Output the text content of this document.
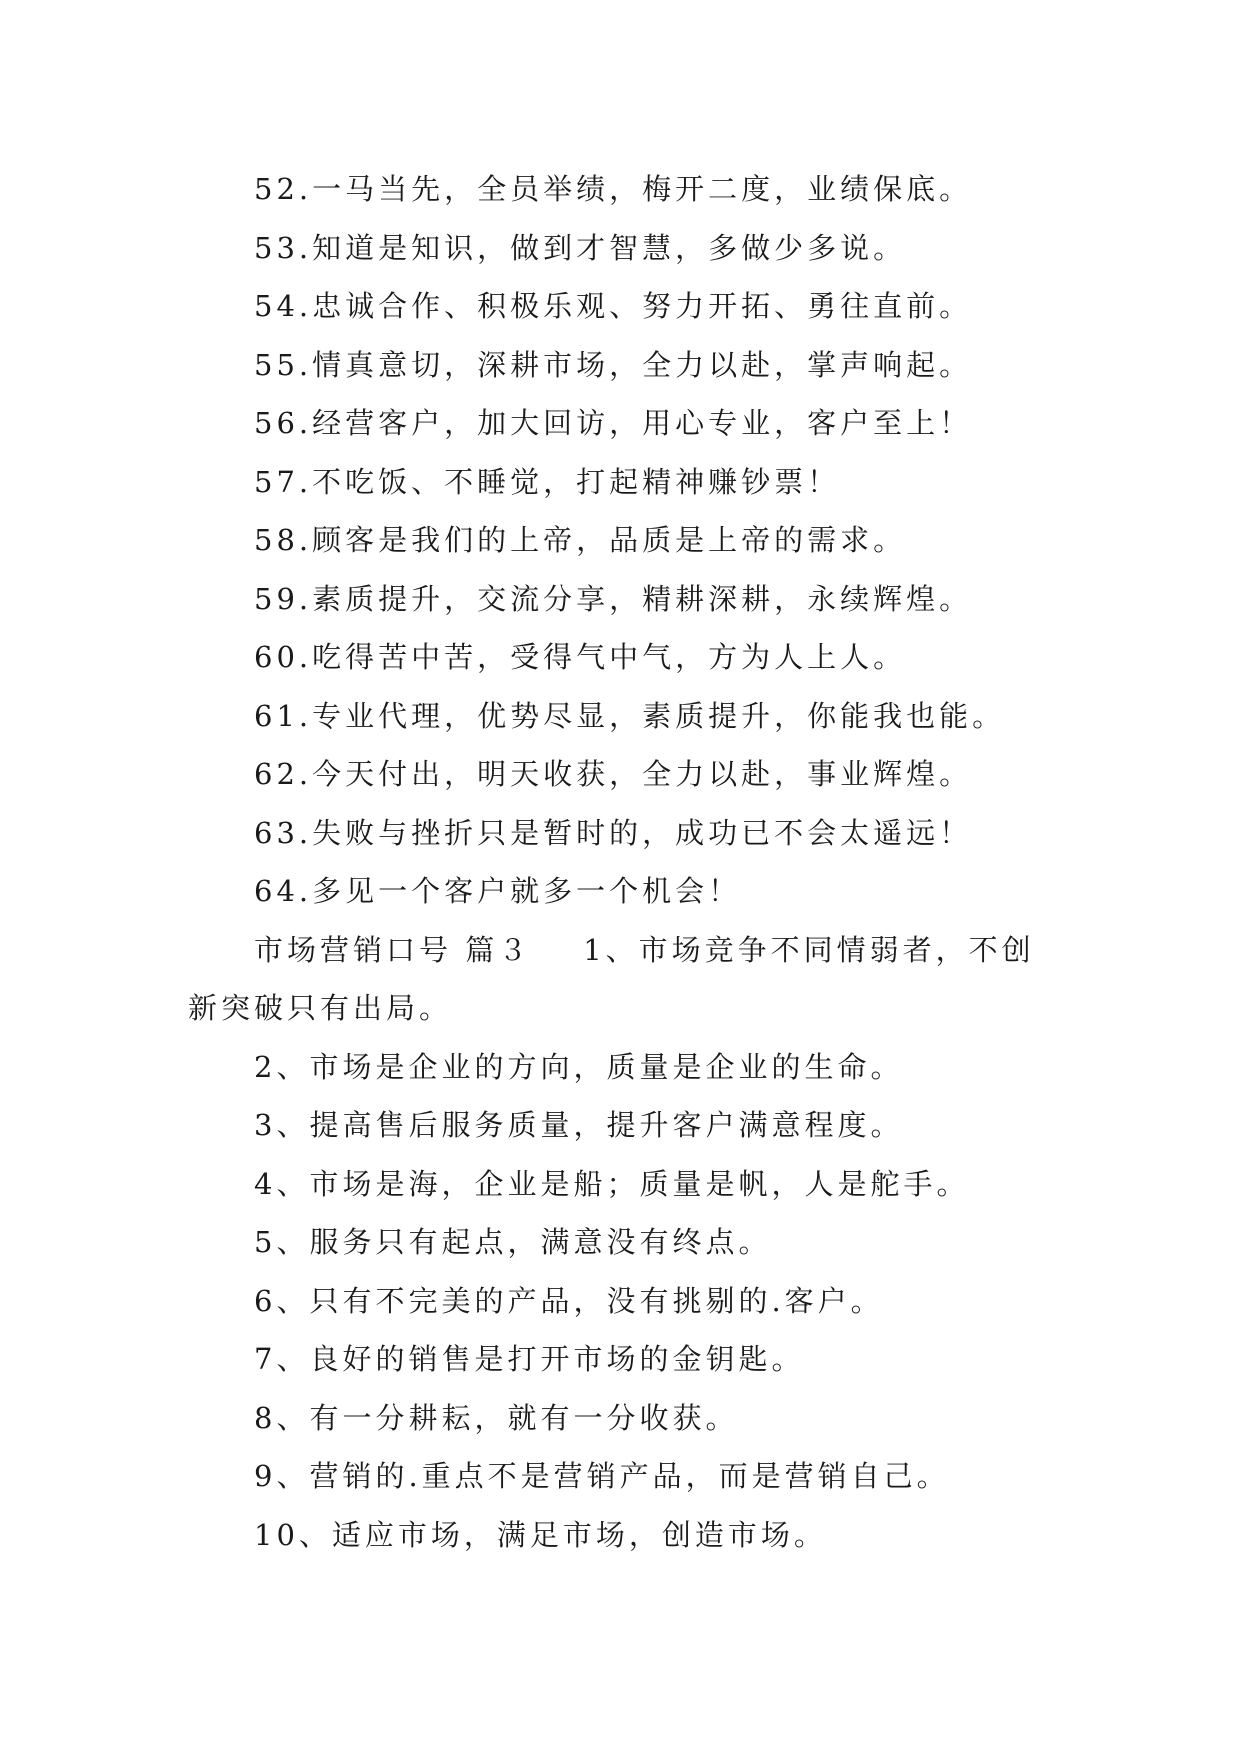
52.一马当先，全员举绩，梅开二度，业绩保底。
53.知道是知识，做到才智慧，多做少多说。
54.忠诚合作、积极乐观、努力开拓、勇往直前。
55.情真意切，深耕市场，全力以赴，掌声响起。
56.经营客户，加大回访，用心专业，客户至上！
57.不吃饭、不睡觉，打起精神赚钞票！
58.顾客是我们的上帝，品质是上帝的需求。
59.素质提升，交流分享，精耕深耕，永续辉煌。
60.吃得苦中苦，受得气中气，方为人上人。
61.专业代理，优势尽显，素质提升，你能我也能。
62.今天付出，明天收获，全力以赴，事业辉煌。
63.失败与挫折只是暂时的，成功已不会太遥远！
64.多见一个客户就多一个机会！
市场营销口号 篇３ 1、市场竞争不同情弱者，不创
新突破只有出局。
2、市场是企业的方向，质量是企业的生命。
3、提高售后服务质量，提升客户满意程度。
4、市场是海，企业是船；质量是帆，人是舵手。
5、服务只有起点，满意没有终点。
6、只有不完美的产品，没有挑剔的.客户。
7、良好的销售是打开市场的金钥匙。
8、有一分耕耘，就有一分收获。
9、营销的.重点不是营销产品，而是营销自己。
10、适应市场，满足市场，创造市场。
